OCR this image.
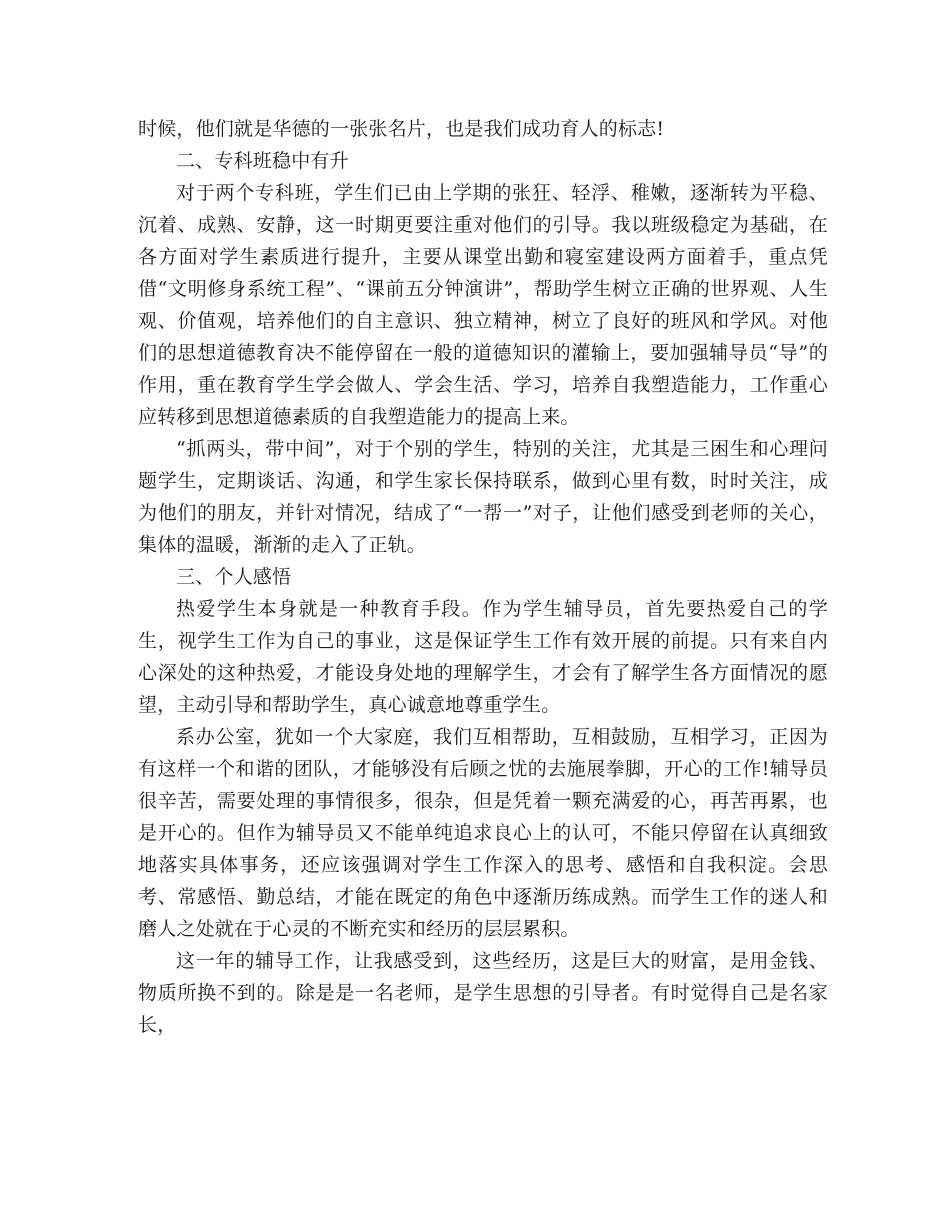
时候，他们就是华德的一张张名片，也是我们成功育人的标志!

二、专科班稳中有升

对于两个专科班，学生们已由上学期的张狂、轻浮、稚嫩，逐渐转为平稳、沉着、成熟、安静，这一时期更要注重对他们的引导。我以班级稳定为基础，在各方面对学生素质进行提升，主要从课堂出勤和寝室建设两方面着手，重点凭借“文明修身系统工程”、“课前五分钟演讲”，帮助学生树立正确的世界观、人生观、价值观，培养他们的自主意识、独立精神，树立了良好的班风和学风。对他们的思想道德教育决不能停留在一般的道德知识的灌输上，要加强辅导员“导”的作用，重在教育学生学会做人、学会生活、学习，培养自我塑造能力，工作重心应转移到思想道德素质的自我塑造能力的提高上来。

“抓两头，带中间”，对于个别的学生，特别的关注，尤其是三困生和心理问题学生，定期谈话、沟通，和学生家长保持联系，做到心里有数，时时关注，成为他们的朋友，并针对情况，结成了“一帮一”对子，让他们感受到老师的关心，集体的温暖，渐渐的走入了正轨。

三、个人感悟

热爱学生本身就是一种教育手段。作为学生辅导员，首先要热爱自己的学生，视学生工作为自己的事业，这是保证学生工作有效开展的前提。只有来自内心深处的这种热爱，才能设身处地的理解学生，才会有了解学生各方面情况的愿望，主动引导和帮助学生，真心诚意地尊重学生。

系办公室，犹如一个大家庭，我们互相帮助，互相鼓励，互相学习，正因为有这样一个和谐的团队，才能够没有后顾之忧的去施展拳脚，开心的工作!辅导员很辛苦，需要处理的事情很多，很杂，但是凭着一颗充满爱的心，再苦再累，也是开心的。但作为辅导员又不能单纯追求良心上的认可，不能只停留在认真细致地落实具体事务，还应该强调对学生工作深入的思考、感悟和自我积淀。会思考、常感悟、勤总结，才能在既定的角色中逐渐历练成熟。而学生工作的迷人和磨人之处就在于心灵的不断充实和经历的层层累积。

这一年的辅导工作，让我感受到，这些经历，这是巨大的财富，是用金钱、物质所换不到的。除是是一名老师，是学生思想的引导者。有时觉得自己是名家长，
